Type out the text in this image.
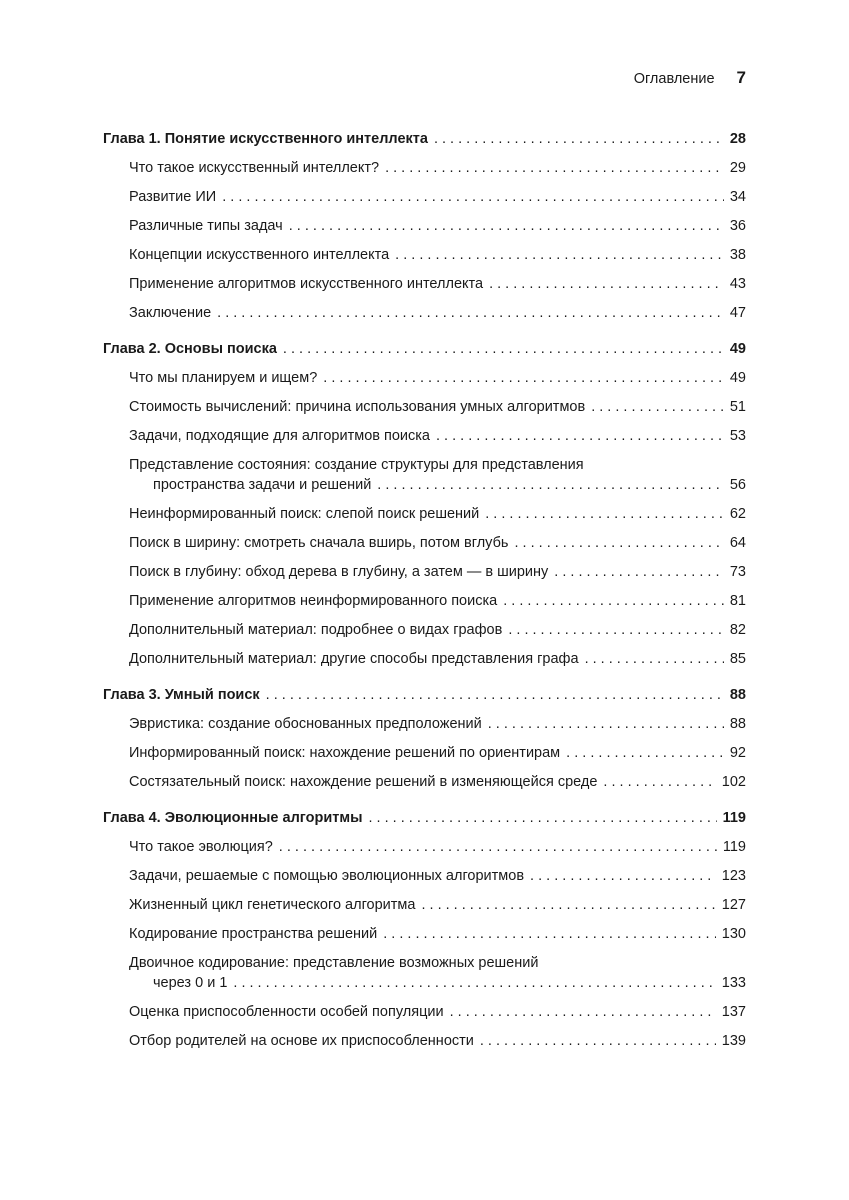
Оглавление 7
Глава 1. Понятие искусственного интеллекта . . .	28
Что такое искусственный интеллект? . . .	29
Развитие ИИ . . .	34
Различные типы задач . . .	36
Концепции искусственного интеллекта . . .	38
Применение алгоритмов искусственного интеллекта . . .	43
Заключение . . .	47
Глава 2. Основы поиска . . .	49
Что мы планируем и ищем? . . .	49
Стоимость вычислений: причина использования умных алгоритмов . . .	51
Задачи, подходящие для алгоритмов поиска . . .	53
Представление состояния: создание структуры для представления
пространства задачи и решений . . .	56
Неинформированный поиск: слепой поиск решений . . .	62
Поиск в ширину: смотреть сначала вширь, потом вглубь . . .	64
Поиск в глубину: обход дерева в глубину, а затем — в ширину . . .	73
Применение алгоритмов неинформированного поиска . . .	81
Дополнительный материал: подробнее о видах графов . . .	82
Дополнительный материал: другие способы представления графа . . .	85
Глава 3. Умный поиск . . .	88
Эвристика: создание обоснованных предположений . . .	88
Информированный поиск: нахождение решений по ориентирам . . .	92
Состязательный поиск: нахождение решений в изменяющейся среде . . .	102
Глава 4. Эволюционные алгоритмы . . .	119
Что такое эволюция? . . .	119
Задачи, решаемые с помощью эволюционных алгоритмов . . .	123
Жизненный цикл генетического алгоритма . . .	127
Кодирование пространства решений . . .	130
Двоичное кодирование: представление возможных решений
через 0 и 1 . . .	133
Оценка приспособленности особей популяции . . .	137
Отбор родителей на основе их приспособленности . . .	139
